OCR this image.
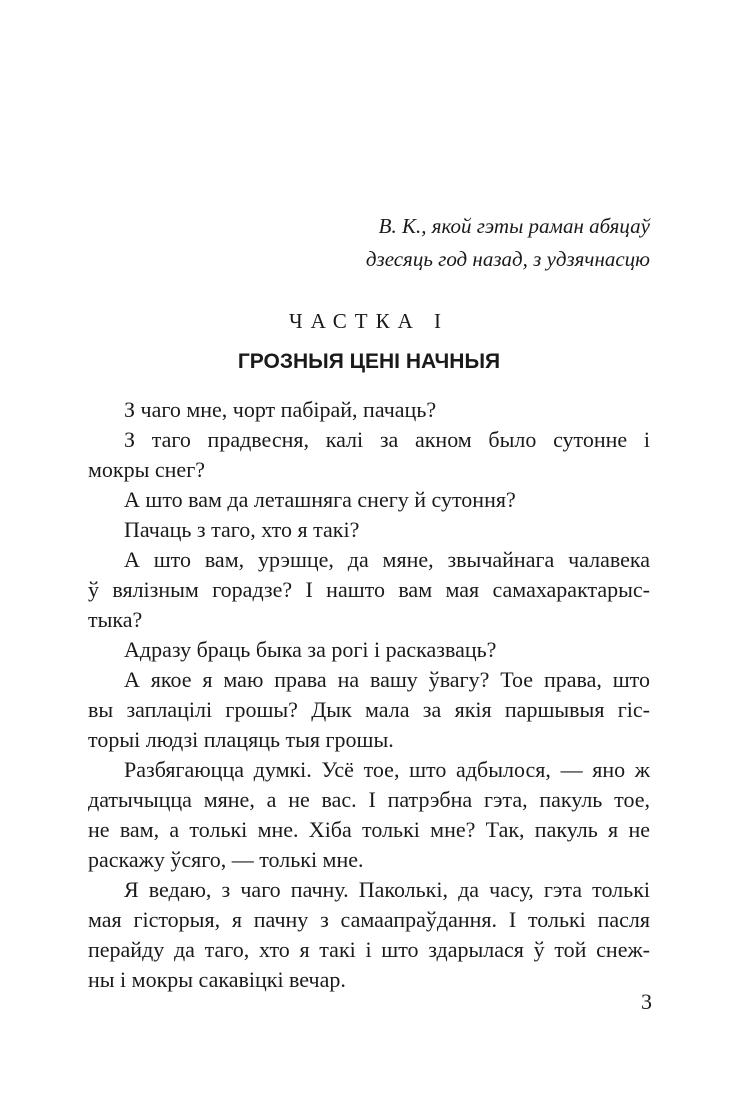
В. К., якой гэты раман абяцаў
дзесяць год назад, з удзячнасцю
ЧАСТКА І
ГРОЗНЫЯ ЦЕНІ НАЧНЫЯ
З чаго мне, чорт пабірай, пачаць?
З таго прадвесня, калі за акном было сутонне і
мокры снег?
А што вам да леташняга снегу й сутоння?
Пачаць з таго, хто я такі?
А што вам, урэшце, да мяне, звычайнага чалавека
ў вялізным горадзе? І нашто вам мая самахарактарыс-
тыка?
Адразу браць быка за рогі і расказваць?
А якое я маю права на вашу ўвагу? Тое права, што
вы заплацілі грошы? Дык мала за якія паршывыя гіс-
торыі людзі плацяць тыя грошы.
Разбягаюцца думкі. Усё тое, што адбылося, — яно ж
датычыцца мяне, а не вас. І патрэбна гэта, пакуль тое,
не вам, а толькі мне. Хіба толькі мне? Так, пакуль я не
раскажу ўсяго, — толькі мне.
Я ведаю, з чаго пачну. Паколькі, да часу, гэта толькі
мая гісторыя, я пачну з самаапраўдання. І толькі пасля
перайду да таго, хто я такі і што здарылася ў той снеж-
ны і мокры сакавіцкі вечар.
3
